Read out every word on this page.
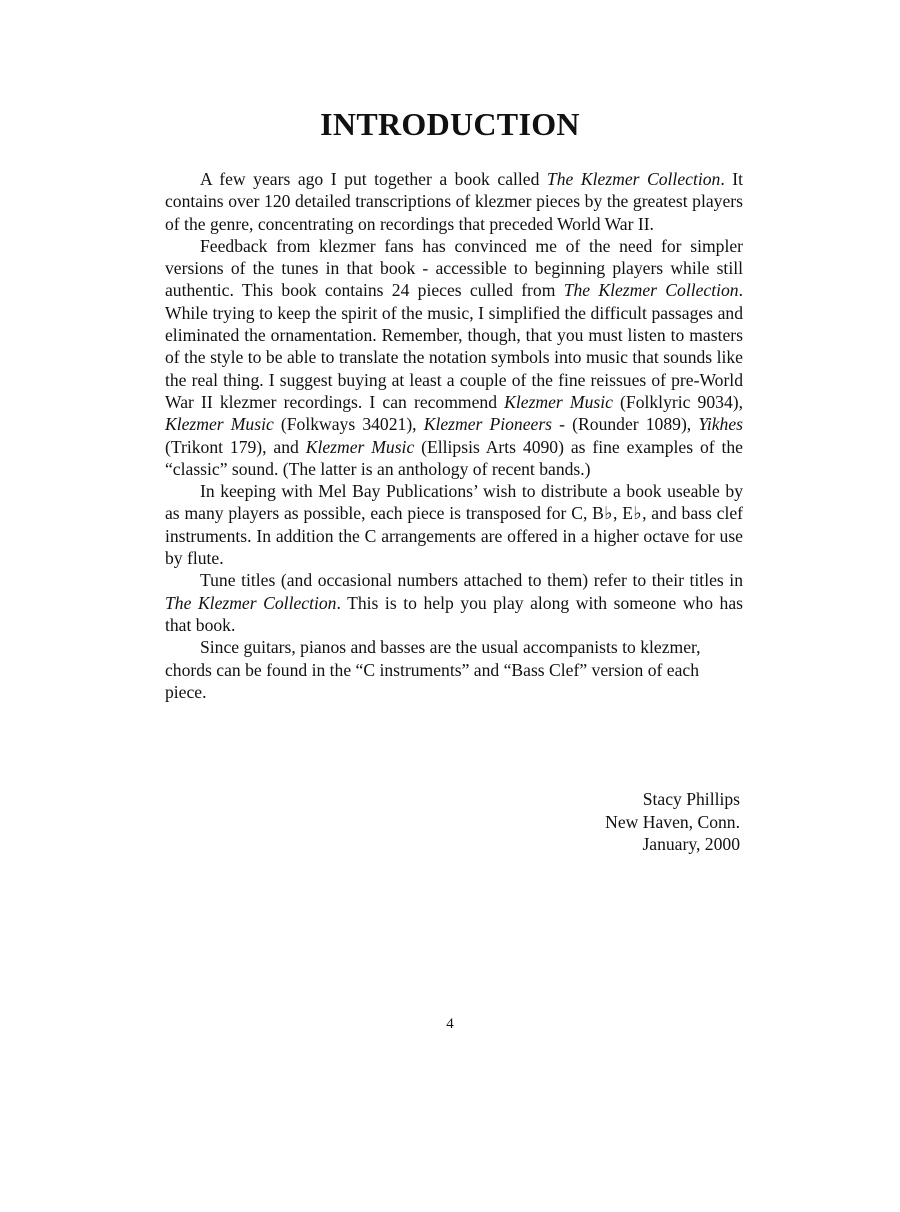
INTRODUCTION

A few years ago I put together a book called The Klezmer Collection. It contains over 120 detailed transcriptions of klezmer pieces by the greatest players of the genre, concentrating on recordings that preceded World War II.

Feedback from klezmer fans has convinced me of the need for simpler versions of the tunes in that book - accessible to beginning players while still authentic. This book contains 24 pieces culled from The Klezmer Collection. While trying to keep the spirit of the music, I simplified the difficult passages and eliminated the ornamentation. Remember, though, that you must listen to masters of the style to be able to translate the notation symbols into music that sounds like the real thing. I suggest buying at least a couple of the fine reissues of pre-World War II klezmer recordings. I can recommend Klezmer Music (Folklyric 9034), Klezmer Music (Folkways 34021), Klezmer Pioneers - (Rounder 1089), Yikhes (Trikont 179), and Klezmer Music (Ellipsis Arts 4090) as fine examples of the “classic” sound. (The latter is an anthology of recent bands.)

In keeping with Mel Bay Publications’ wish to distribute a book useable by as many players as possible, each piece is transposed for C, B♭, E♭, and bass clef instruments. In addition the C arrangements are offered in a higher octave for use by flute.

Tune titles (and occasional numbers attached to them) refer to their titles in The Klezmer Collection. This is to help you play along with someone who has that book.

Since guitars, pianos and basses are the usual accompanists to klezmer, chords can be found in the “C instruments” and “Bass Clef” version of each piece.

Stacy Phillips
New Haven, Conn.
January, 2000
4
